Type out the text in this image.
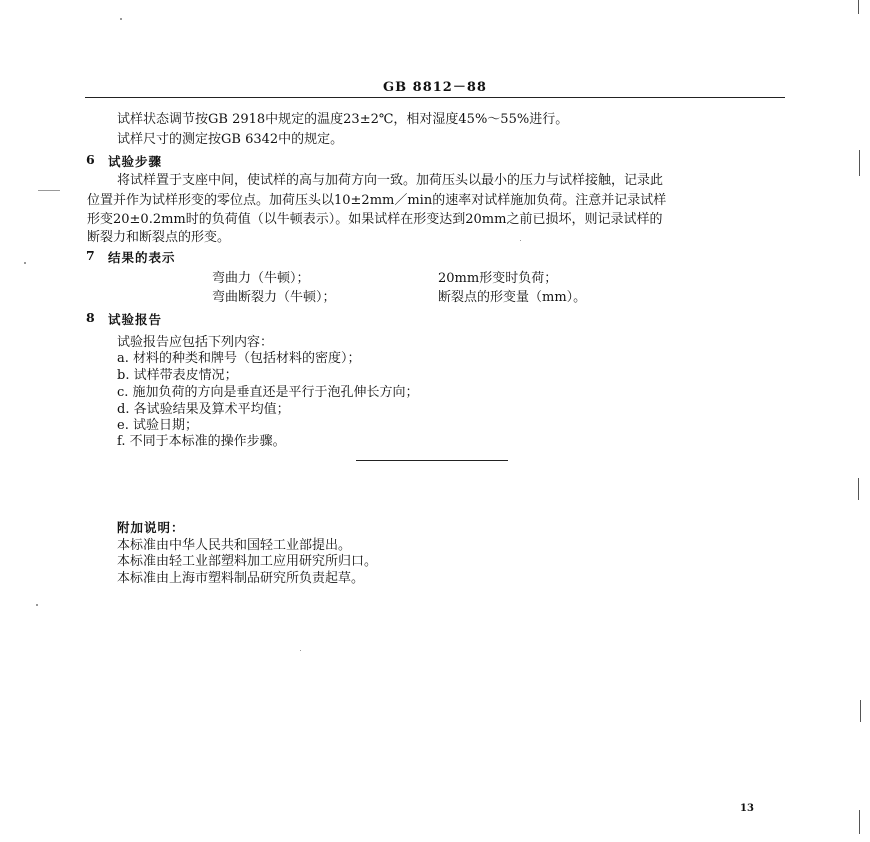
GB 8812－88
试样状态调节按GB 2918中规定的温度23±2℃，相对湿度45%～55%进行。
试样尺寸的测定按GB 6342中的规定。
6 试验步骤
将试样置于支座中间，使试样的高与加荷方向一致。加荷压头以最小的压力与试样接触，记录此
位置并作为试样形变的零位点。加荷压头以10±2mm／min的速率对试样施加负荷。注意并记录试样
形变20±0.2mm时的负荷值（以牛顿表示）。如果试样在形变达到20mm之前已损坏，则记录试样的
断裂力和断裂点的形变。
7 结果的表示
弯曲力（牛顿）；	20mm形变时负荷；
弯曲断裂力（牛顿）；	断裂点的形变量（mm）。
8 试验报告
试验报告应包括下列内容：
a. 材料的种类和牌号（包括材料的密度）；
b. 试样带表皮情况；
c. 施加负荷的方向是垂直还是平行于泡孔伸长方向；
d. 各试验结果及算术平均值；
e. 试验日期；
f. 不同于本标准的操作步骤。
附加说明：
本标准由中华人民共和国轻工业部提出。
本标准由轻工业部塑料加工应用研究所归口。
本标准由上海市塑料制品研究所负责起草。
13
